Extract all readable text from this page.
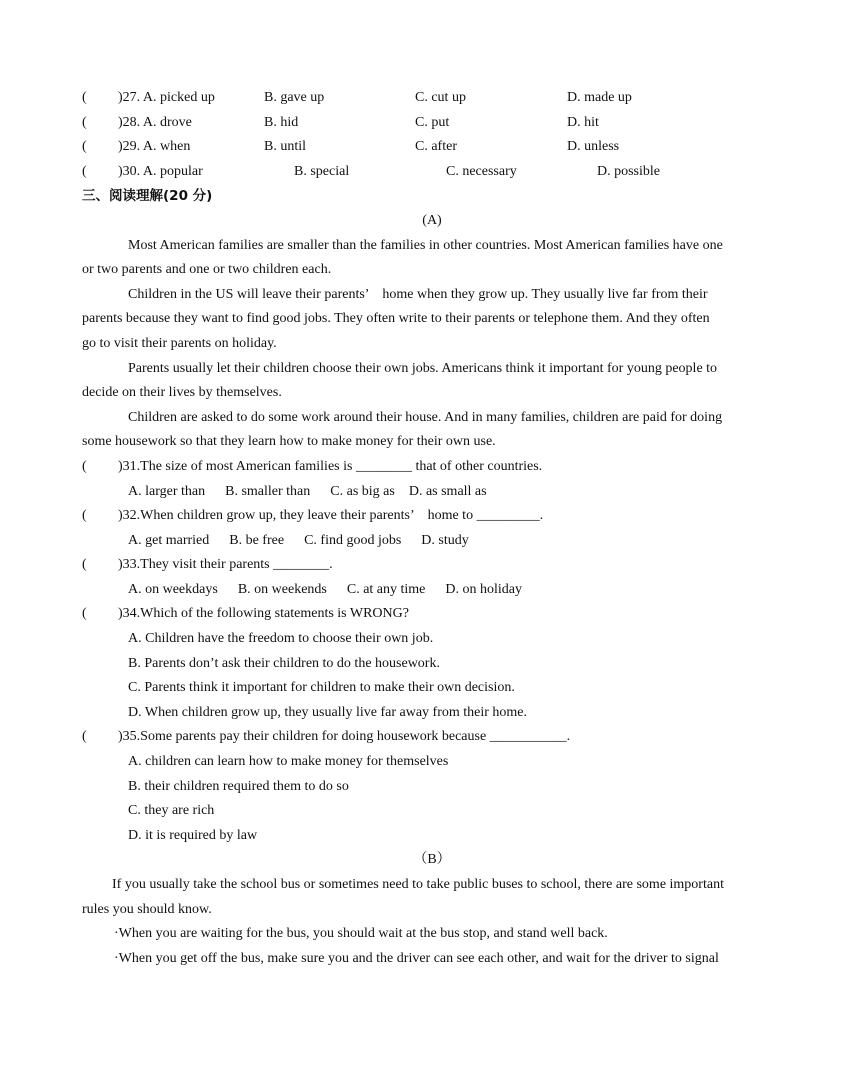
( )27. A. picked up	B. gave up	C. cut up	D. made up
( )28. A. drove	B. hid	C. put	D. hit
( )29. A. when	B. until	C. after	D. unless
( )30. A. popular	B. special	C. necessary	D. possible
三、阅读理解(20 分)
(A)
Most American families are smaller than the families in other countries. Most American families have one
or two parents and one or two children each.
Children in the US will leave their parents’　home when they grow up. They usually live far from their
parents because they want to find good jobs. They often write to their parents or telephone them. And they often
go to visit their parents on holiday.
Parents usually let their children choose their own jobs. Americans think it important for young people to
decide on their lives by themselves.
Children are asked to do some work around their house. And in many families, children are paid for doing
some housework so that they learn how to make money for their own use.
( )31.The size of most American families is ________ that of other countries.
A. larger than B. smaller than C. as big as D. as small as
( )32.When children grow up, they leave their parents’　home to _________.
A. get married B. be free C. find good jobs D. study
( )33.They visit their parents ________.
A. on weekdays B. on weekends C. at any time D. on holiday
( )34.Which of the following statements is WRONG?
A. Children have the freedom to choose their own job.
B. Parents don’t ask their children to do the housework.
C. Parents think it important for children to make their own decision.
D. When children grow up, they usually live far away from their home.
( )35.Some parents pay their children for doing housework because ___________.
A. children can learn how to make money for themselves
B. their children required them to do so
C. they are rich
D. it is required by law
（B）
If you usually take the school bus or sometimes need to take public buses to school, there are some important
rules you should know.
·When you are waiting for the bus, you should wait at the bus stop, and stand well back.
·When you get off the bus, make sure you and the driver can see each other, and wait for the driver to signal
